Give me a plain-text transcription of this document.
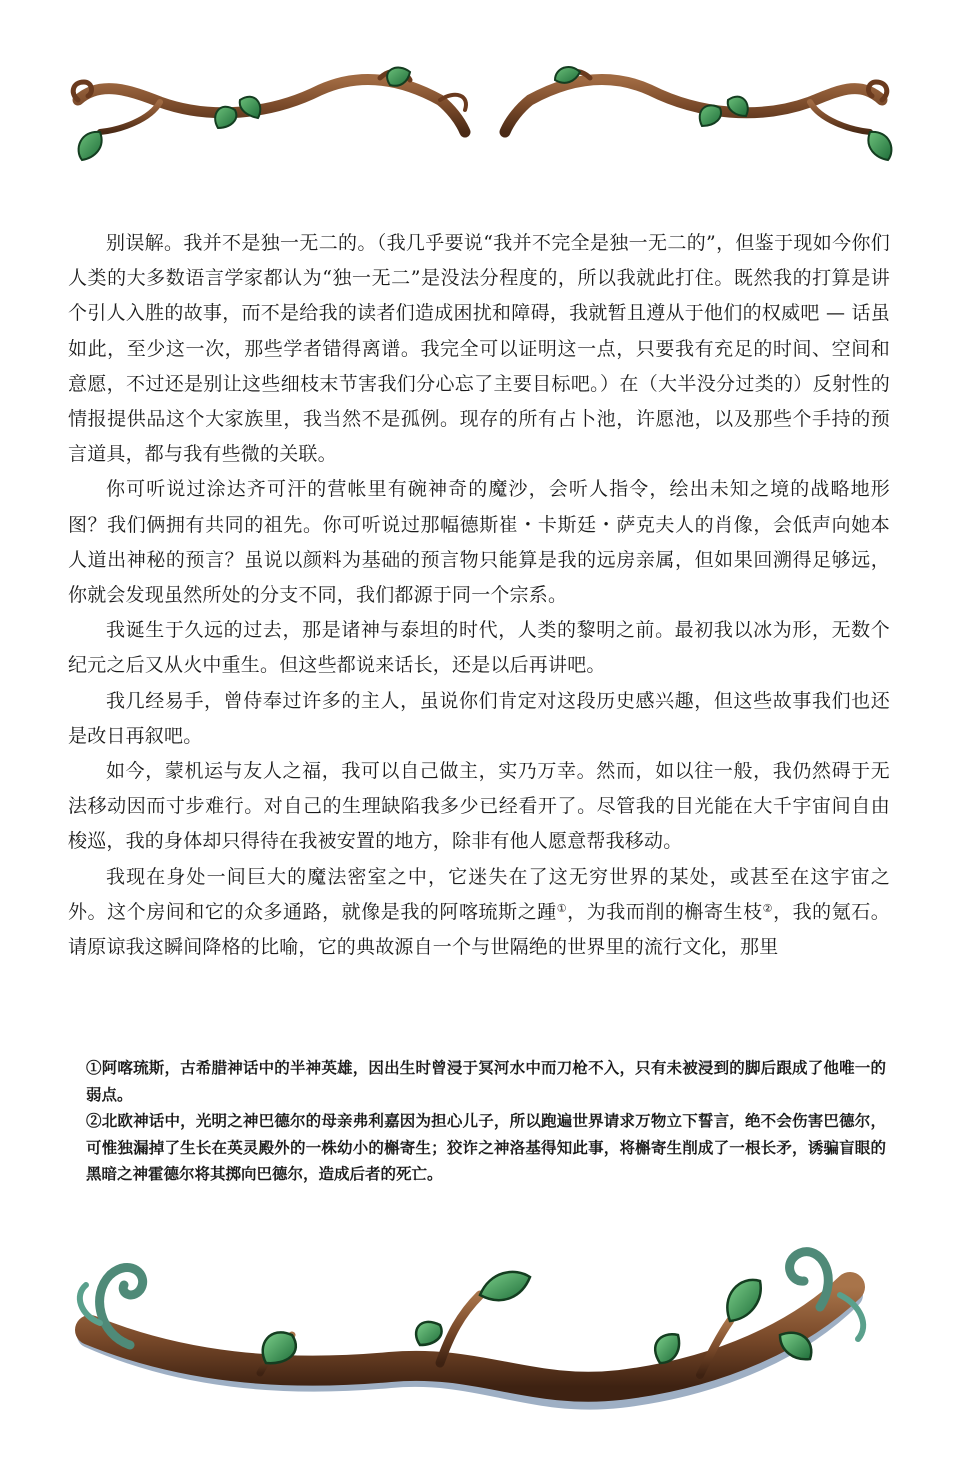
别误解。我并不是独一无二的。（我几乎要说“我并不完全是独一无二的”，但鉴于现如今你们人类的大多数语言学家都认为“独一无二”是没法分程度的，所以我就此打住。既然我的打算是讲个引人入胜的故事，而不是给我的读者们造成困扰和障碍，我就暂且遵从于他们的权威吧 — 话虽如此，至少这一次，那些学者错得离谱。我完全可以证明这一点，只要我有充足的时间、空间和意愿，不过还是别让这些细枝末节害我们分心忘了主要目标吧。）在（大半没分过类的）反射性的情报提供品这个大家族里，我当然不是孤例。现存的所有占卜池，许愿池，以及那些个手持的预言道具，都与我有些微的关联。

你可听说过涂达齐可汗的营帐里有碗神奇的魔沙，会听人指令，绘出未知之境的战略地形图？我们俩拥有共同的祖先。你可听说过那幅德斯崔・卡斯廷・萨克夫人的肖像，会低声向她本人道出神秘的预言？虽说以颜料为基础的预言物只能算是我的远房亲属，但如果回溯得足够远，你就会发现虽然所处的分支不同，我们都源于同一个宗系。

我诞生于久远的过去，那是诸神与泰坦的时代，人类的黎明之前。最初我以冰为形，无数个纪元之后又从火中重生。但这些都说来话长，还是以后再讲吧。

我几经易手，曾侍奉过许多的主人，虽说你们肯定对这段历史感兴趣，但这些故事我们也还是改日再叙吧。

如今，蒙机运与友人之福，我可以自己做主，实乃万幸。然而，如以往一般，我仍然碍于无法移动因而寸步难行。对自己的生理缺陷我多少已经看开了。尽管我的目光能在大千宇宙间自由梭巡，我的身体却只得待在我被安置的地方，除非有他人愿意帮我移动。

我现在身处一间巨大的魔法密室之中，它迷失在了这无穷世界的某处，或甚至在这宇宙之外。这个房间和它的众多通路，就像是我的阿喀琉斯之踵①，为我而削的槲寄生枝②，我的氪石。请原谅我这瞬间降格的比喻，它的典故源自一个与世隔绝的世界里的流行文化，那里

①阿喀琉斯，古希腊神话中的半神英雄，因出生时曾浸于冥河水中而刀枪不入，只有未被浸到的脚后跟成了他唯一的弱点。

②北欧神话中，光明之神巴德尔的母亲弗利嘉因为担心儿子，所以跑遍世界请求万物立下誓言，绝不会伤害巴德尔，可惟独漏掉了生长在英灵殿外的一株幼小的槲寄生；狡诈之神洛基得知此事，将槲寄生削成了一根长矛，诱骗盲眼的黑暗之神霍德尔将其掷向巴德尔，造成后者的死亡。
